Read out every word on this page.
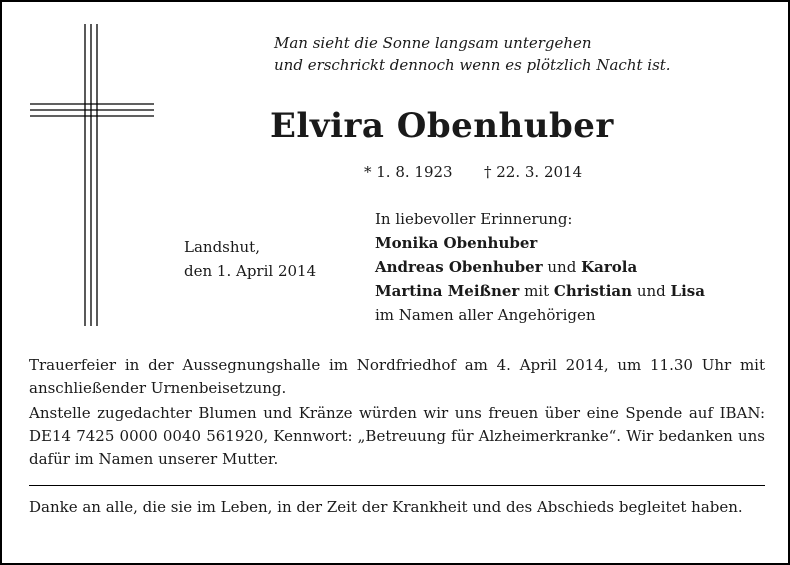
Man sieht die Sonne langsam untergehen
und erschrickt dennoch wenn es plötzlich Nacht ist.
Elvira Obenhuber
* 1. 8. 1923 † 22. 3. 2014
Landshut,
den 1. April 2014
In liebevoller Erinnerung:
Monika Obenhuber
Andreas Obenhuber und Karola
Martina Meißner mit Christian und Lisa
im Namen aller Angehörigen
Trauerfeier in der Aussegnungshalle im Nordfriedhof am 4. April 2014, um 11.30 Uhr mit anschließender Urnenbeisetzung.
Anstelle zugedachter Blumen und Kränze würden wir uns freuen über eine Spende auf IBAN: DE14 7425 0000 0040 561920, Kennwort: „Betreuung für Alzheimerkranke“. Wir bedanken uns dafür im Namen unserer Mutter.
Danke an alle, die sie im Leben, in der Zeit der Krankheit und des Abschieds begleitet haben.
